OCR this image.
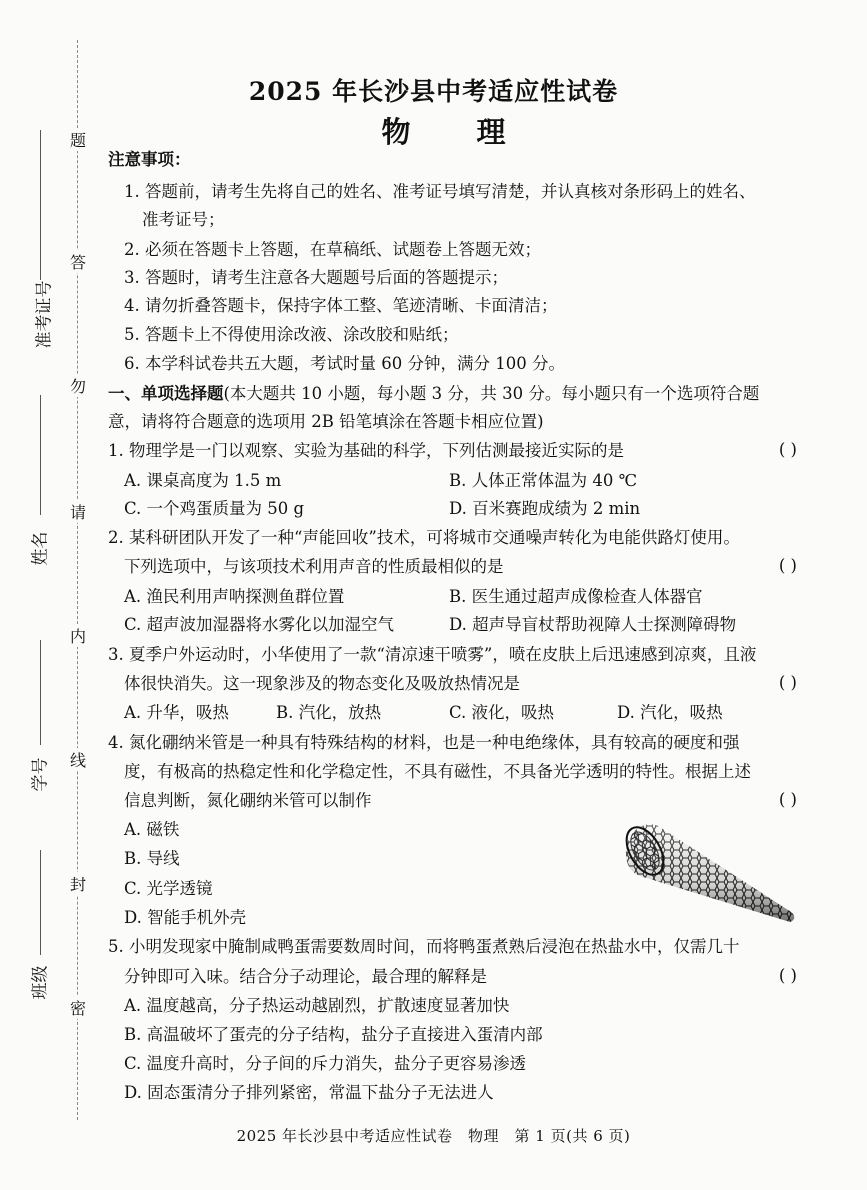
题
答
勿
请
内
线
封
密
准考证号
姓名
学号
班级
2025 年长沙县中考适应性试卷
物 理
注意事项：
1. 答题前，请考生先将自己的姓名、准考证号填写清楚，并认真核对条形码上的姓名、
准考证号；
2. 必须在答题卡上答题，在草稿纸、试题卷上答题无效；
3. 答题时，请考生注意各大题题号后面的答题提示；
4. 请勿折叠答题卡，保持字体工整、笔迹清晰、卡面清洁；
5. 答题卡上不得使用涂改液、涂改胶和贴纸；
6. 本学科试卷共五大题，考试时量 60 分钟，满分 100 分。
一、单项选择题(本大题共 10 小题，每小题 3 分，共 30 分。每小题只有一个选项符合题
意，请将符合题意的选项用 2B 铅笔填涂在答题卡相应位置)
1. 物理学是一门以观察、实验为基础的科学，下列估测最接近实际的是	( )
A. 课桌高度为 1.5 m	B. 人体正常体温为 40 ℃
C. 一个鸡蛋质量为 50 g	D. 百米赛跑成绩为 2 min
2. 某科研团队开发了一种“声能回收”技术，可将城市交通噪声转化为电能供路灯使用。
下列选项中，与该项技术利用声音的性质最相似的是	( )
A. 渔民利用声呐探测鱼群位置	B. 医生通过超声成像检查人体器官
C. 超声波加湿器将水雾化以加湿空气	D. 超声导盲杖帮助视障人士探测障碍物
3. 夏季户外运动时，小华使用了一款“清凉速干喷雾”，喷在皮肤上后迅速感到凉爽，且液
体很快消失。这一现象涉及的物态变化及吸放热情况是	( )
A. 升华，吸热	B. 汽化，放热	C. 液化，吸热	D. 汽化，吸热
4. 氮化硼纳米管是一种具有特殊结构的材料，也是一种电绝缘体，具有较高的硬度和强
度，有极高的热稳定性和化学稳定性，不具有磁性，不具备光学透明的特性。根据上述
信息判断，氮化硼纳米管可以制作	( )
A. 磁铁
B. 导线
C. 光学透镜
D. 智能手机外壳
5. 小明发现家中腌制咸鸭蛋需要数周时间，而将鸭蛋煮熟后浸泡在热盐水中，仅需几十
分钟即可入味。结合分子动理论，最合理的解释是	( )
A. 温度越高，分子热运动越剧烈，扩散速度显著加快
B. 高温破坏了蛋壳的分子结构，盐分子直接进入蛋清内部
C. 温度升高时，分子间的斥力消失，盐分子更容易渗透
D. 固态蛋清分子排列紧密，常温下盐分子无法进人
2025 年长沙县中考适应性试卷　物理　第 1 页(共 6 页)
